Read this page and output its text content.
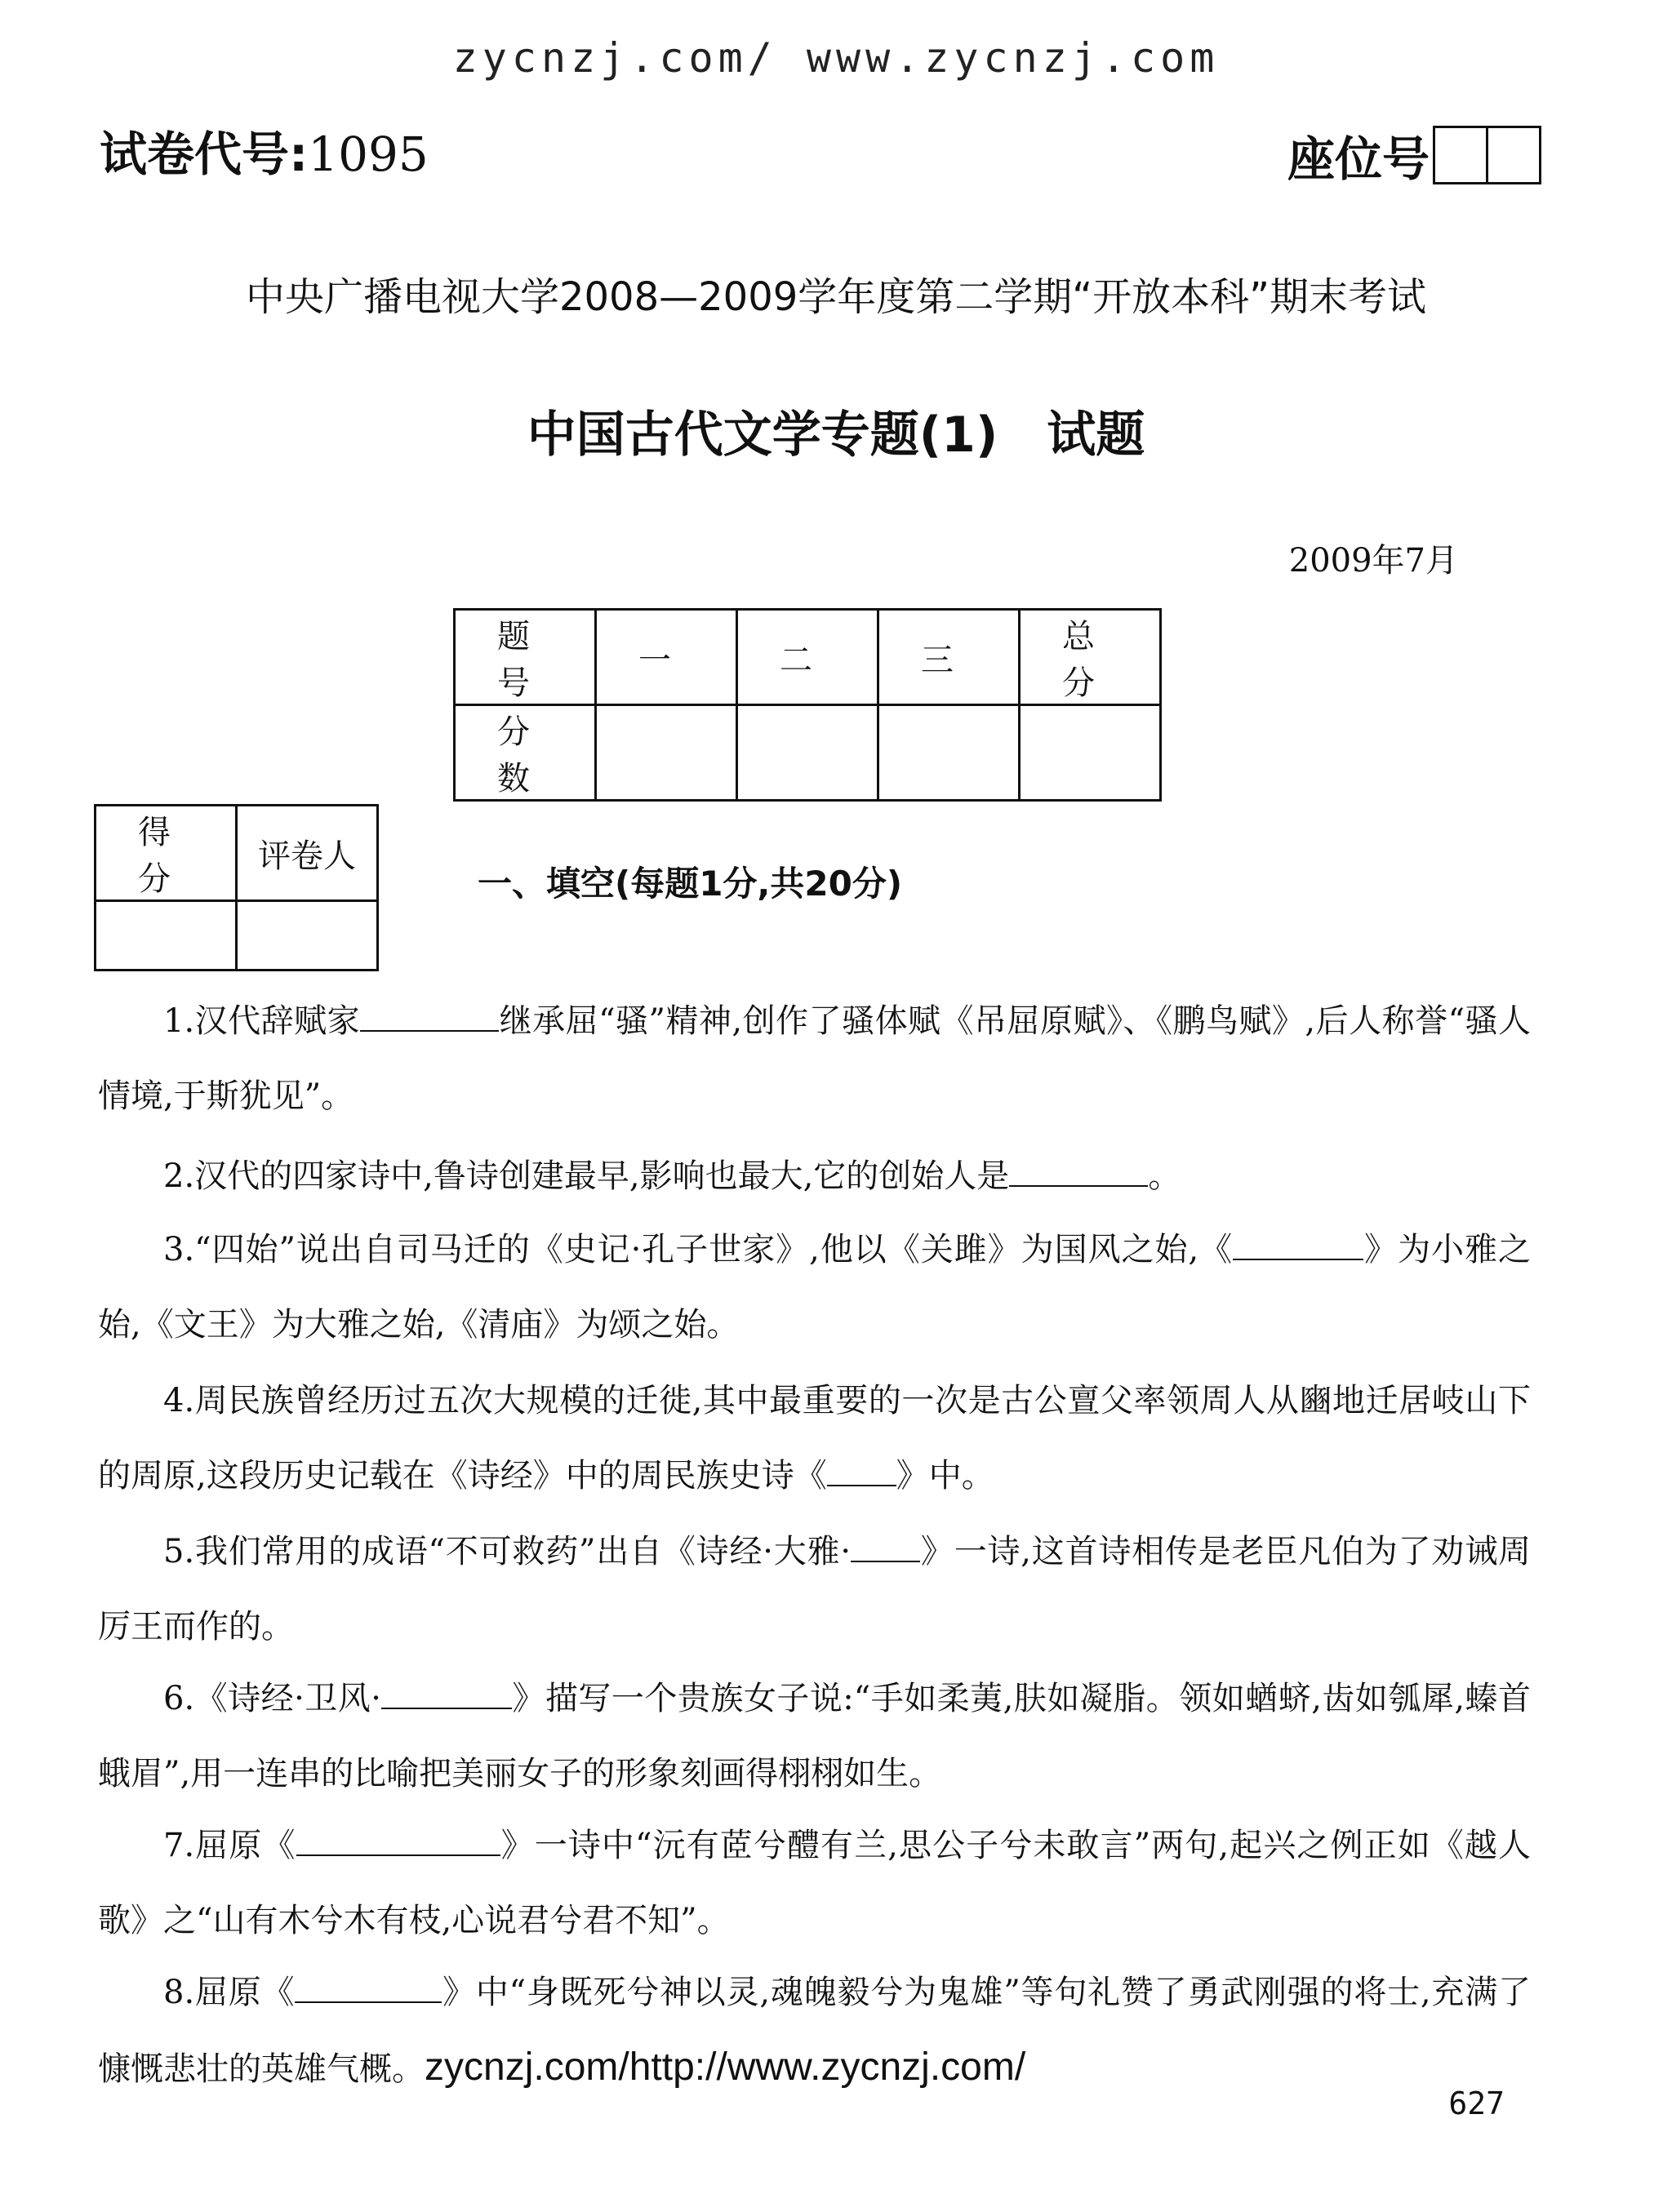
zycnzj.com/ www.zycnzj.com
试卷代号:1095	座位号
中央广播电视大学2008—2009学年度第二学期“开放本科”期末考试
中国古代文学专题(1)　试题
2009年7月
题　号	一	二	三	总　分
分　数				
得　分	评卷人

一、填空(每题1分,共20分)
1.汉代辞赋家	继承屈“骚”精神,创作了骚体赋《吊屈原赋》、《鹏鸟赋》,后人称誉“骚人情境,于斯犹见”。
2.汉代的四家诗中,鲁诗创建最早,影响也最大,它的创始人是	。
3.“四始”说出自司马迁的《史记·孔子世家》,他以《关雎》为国风之始,《	》为小雅之始,《文王》为大雅之始,《清庙》为颂之始。
4.周民族曾经历过五次大规模的迁徙,其中最重要的一次是古公亶父率领周人从豳地迁居岐山下的周原,这段历史记载在《诗经》中的周民族史诗《 》中。
5.我们常用的成语“不可救药”出自《诗经·大雅· 》一诗,这首诗相传是老臣凡伯为了劝诫周厉王而作的。
6.《诗经·卫风·	》描写一个贵族女子说:“手如柔荑,肤如凝脂。领如蝤蛴,齿如瓠犀,螓首蛾眉”,用一连串的比喻把美丽女子的形象刻画得栩栩如生。
7.屈原《	》一诗中“沅有茝兮醴有兰,思公子兮未敢言”两句,起兴之例正如《越人歌》之“山有木兮木有枝,心说君兮君不知”。
8.屈原《	》中“身既死兮神以灵,魂魄毅兮为鬼雄”等句礼赞了勇武刚强的将士,充满了慷慨悲壮的英雄气概。zycnzj.com/http://www.zycnzj.com/
627
